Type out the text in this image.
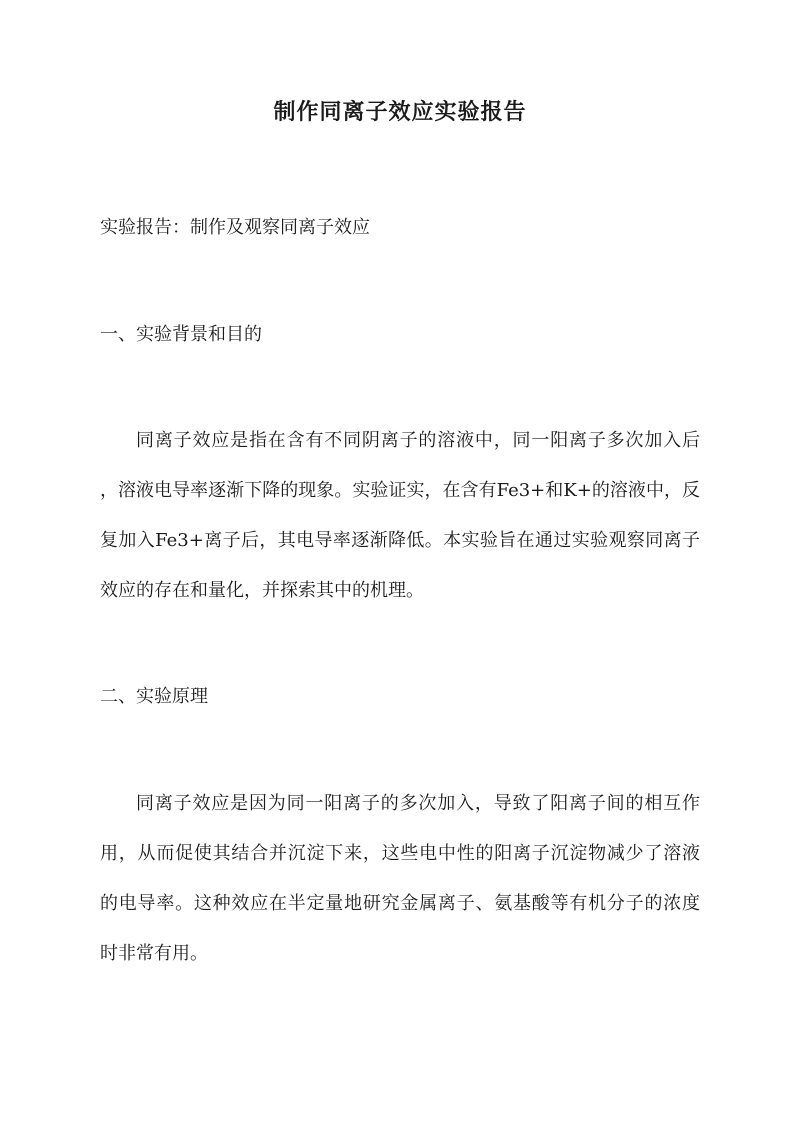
制作同离子效应实验报告
实验报告：制作及观察同离子效应
一、实验背景和目的
同离子效应是指在含有不同阴离子的溶液中，同一阳离子多次加入后
，溶液电导率逐渐下降的现象。实验证实，在含有Fe3+和K+的溶液中，反
复加入Fe3+离子后，其电导率逐渐降低。本实验旨在通过实验观察同离子
效应的存在和量化，并探索其中的机理。
二、实验原理
同离子效应是因为同一阳离子的多次加入，导致了阳离子间的相互作
用，从而促使其结合并沉淀下来，这些电中性的阳离子沉淀物减少了溶液
的电导率。这种效应在半定量地研究金属离子、氨基酸等有机分子的浓度
时非常有用。
